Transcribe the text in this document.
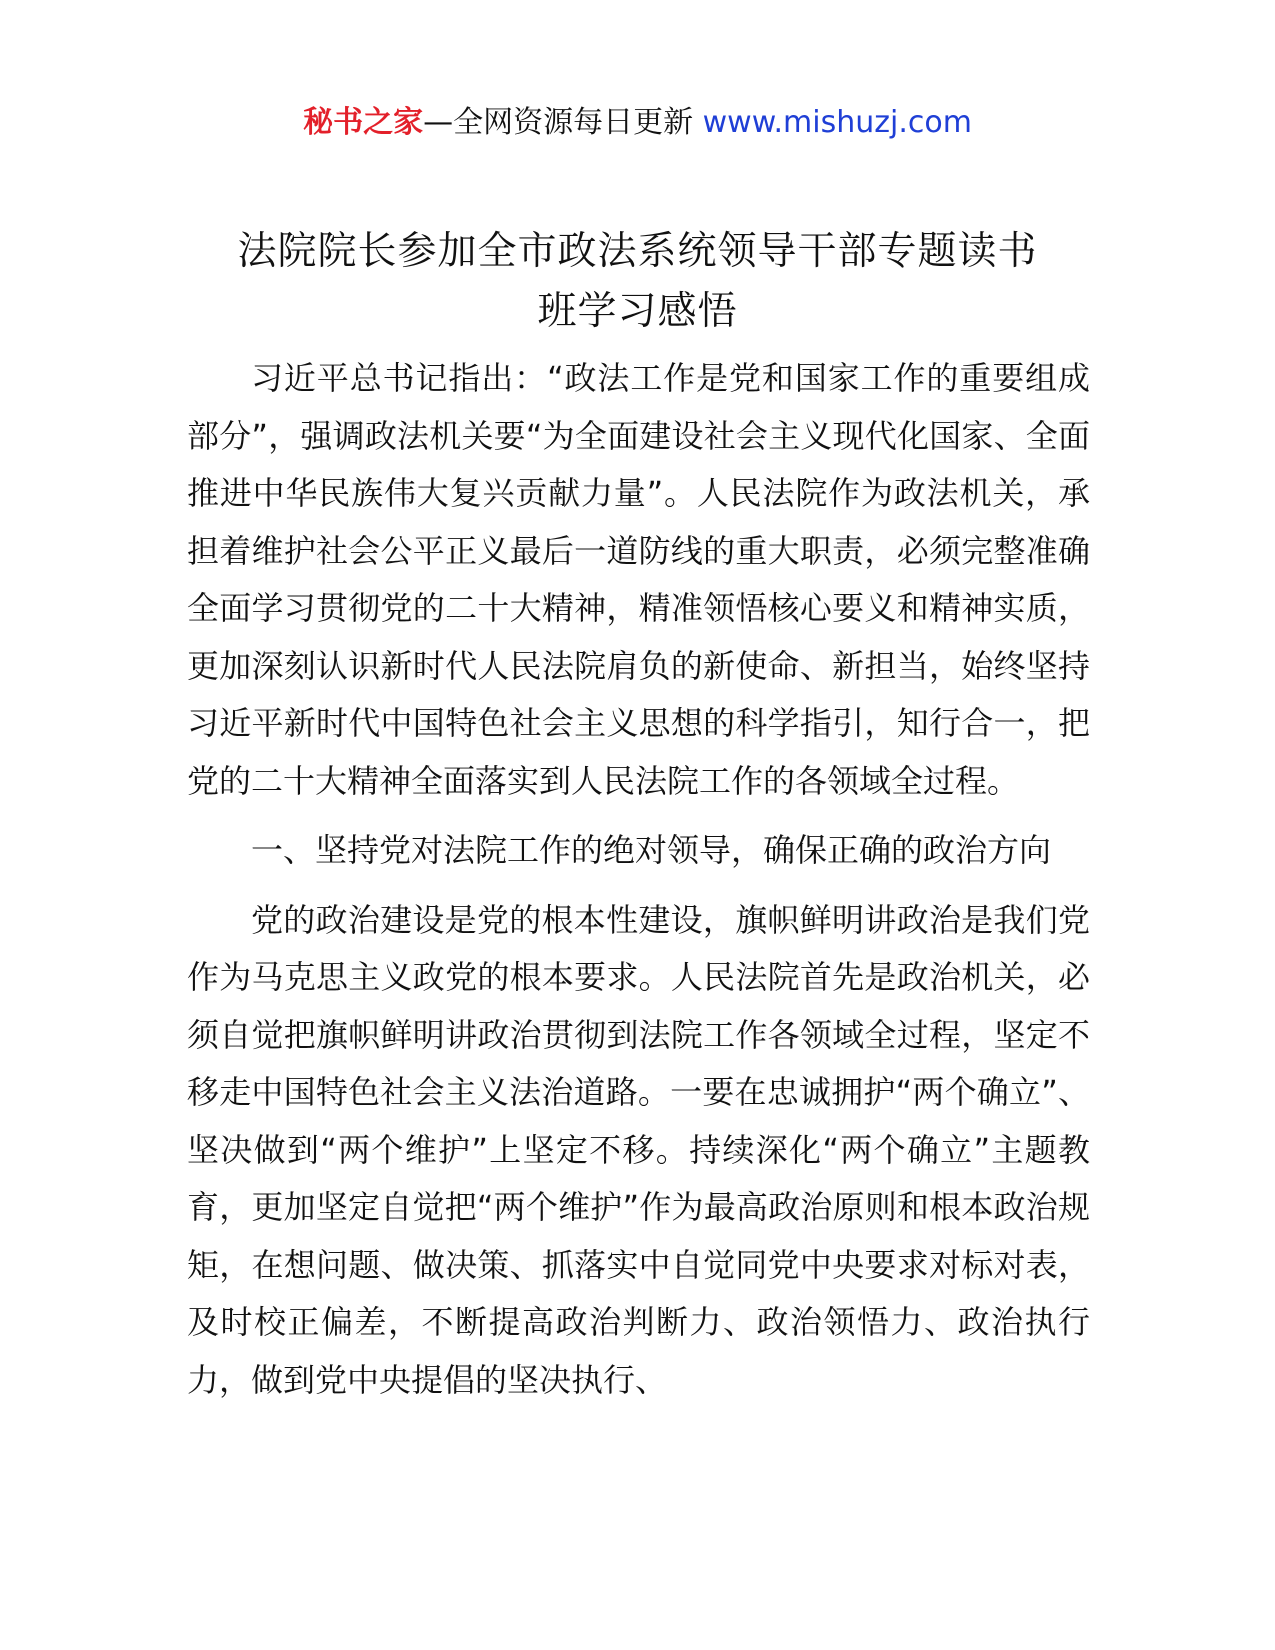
秘书之家—全网资源每日更新 www.mishuzj.com
法院院长参加全市政法系统领导干部专题读书
班学习感悟

习近平总书记指出：“政法工作是党和国家工作的重要组成部分”，强调政法机关要“为全面建设社会主义现代化国家、全面推进中华民族伟大复兴贡献力量”。人民法院作为政法机关，承担着维护社会公平正义最后一道防线的重大职责，必须完整准确全面学习贯彻党的二十大精神，精准领悟核心要义和精神实质，更加深刻认识新时代人民法院肩负的新使命、新担当，始终坚持习近平新时代中国特色社会主义思想的科学指引，知行合一，把党的二十大精神全面落实到人民法院工作的各领域全过程。

一、坚持党对法院工作的绝对领导，确保正确的政治方向

党的政治建设是党的根本性建设，旗帜鲜明讲政治是我们党作为马克思主义政党的根本要求。人民法院首先是政治机关，必须自觉把旗帜鲜明讲政治贯彻到法院工作各领域全过程，坚定不移走中国特色社会主义法治道路。一要在忠诚拥护“两个确立”、坚决做到“两个维护”上坚定不移。持续深化“两个确立”主题教育，更加坚定自觉把“两个维护”作为最高政治原则和根本政治规矩，在想问题、做决策、抓落实中自觉同党中央要求对标对表，及时校正偏差，不断提高政治判断力、政治领悟力、政治执行力，做到党中央提倡的坚决执行、
